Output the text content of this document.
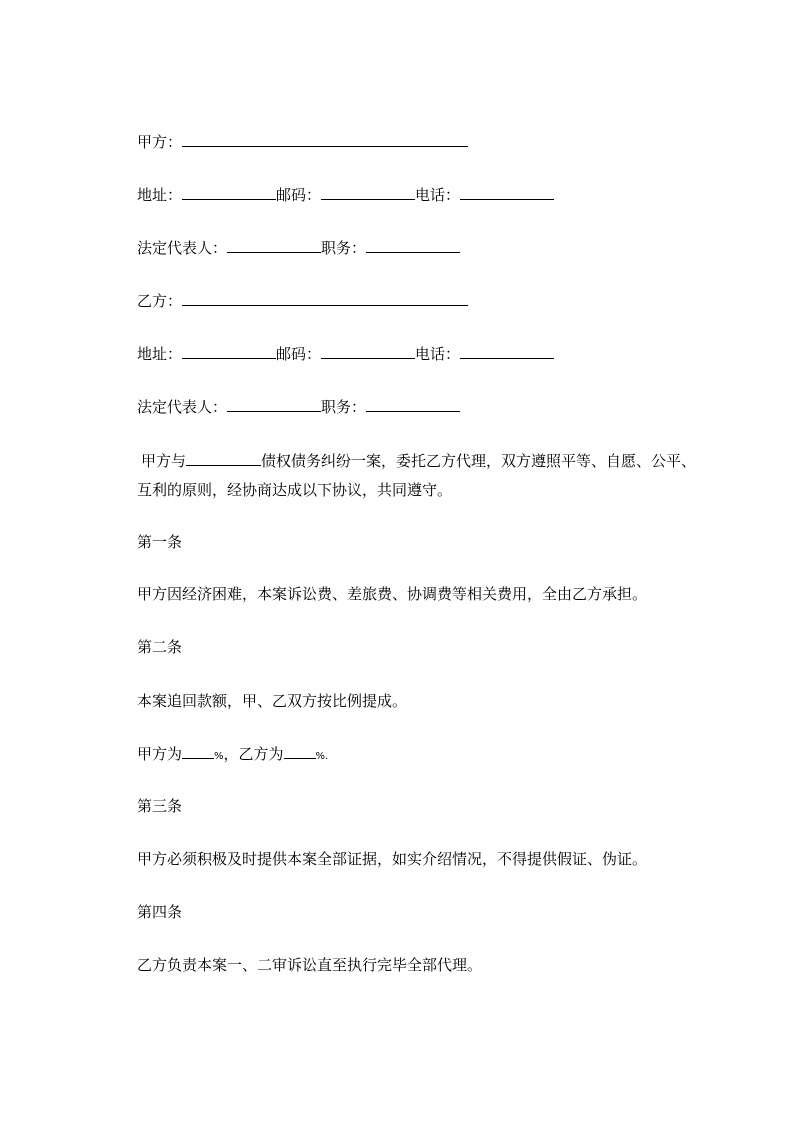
甲方：
地址：	邮码：	电话：
法定代表人：	职务：
乙方：
地址：	邮码：	电话：
法定代表人：	职务：
甲方与	债权债务纠纷一案，委托乙方代理，双方遵照平等、自愿、公平、
互利的原则，经协商达成以下协议，共同遵守。
第一条
甲方因经济困难，本案诉讼费、差旅费、协调费等相关费用，全由乙方承担。
第二条
本案追回款额，甲、乙双方按比例提成。
甲方为	%，乙方为	%.
第三条
甲方必须积极及时提供本案全部证据，如实介绍情况，不得提供假证、伪证。
第四条
乙方负责本案一、二审诉讼直至执行完毕全部代理。
